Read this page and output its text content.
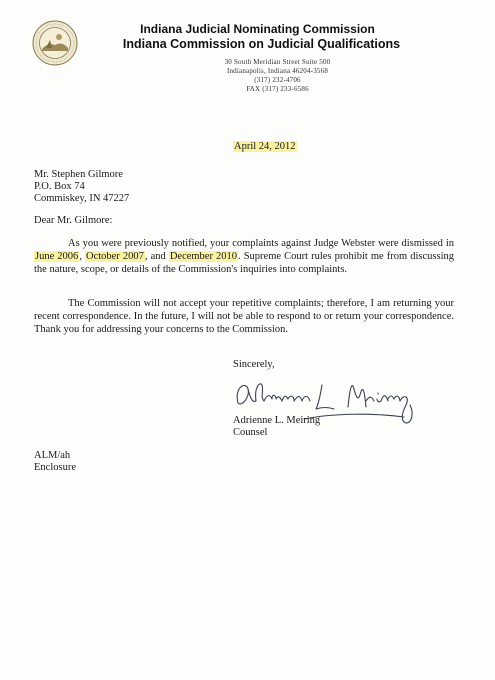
Indiana Judicial Nominating Commission
Indiana Commission on Judicial Qualifications
30 South Meridian Street Suite 500
Indianapolis, Indiana 46204-3568
(317) 232-4706
FAX (317) 233-6586
April 24, 2012
Mr. Stephen Gilmore
P.O. Box 74
Commiskey, IN 47227
Dear Mr. Gilmore:
As you were previously notified, your complaints against Judge Webster were dismissed in June 2006, October 2007, and December 2010. Supreme Court rules prohibit me from discussing the nature, scope, or details of the Commission's inquiries into complaints.
The Commission will not accept your repetitive complaints; therefore, I am returning your recent correspondence. In the future, I will not be able to respond to or return your correspondence. Thank you for addressing your concerns to the Commission.
Sincerely,
Adrienne L. Meiring
Counsel
ALM/ah
Enclosure
